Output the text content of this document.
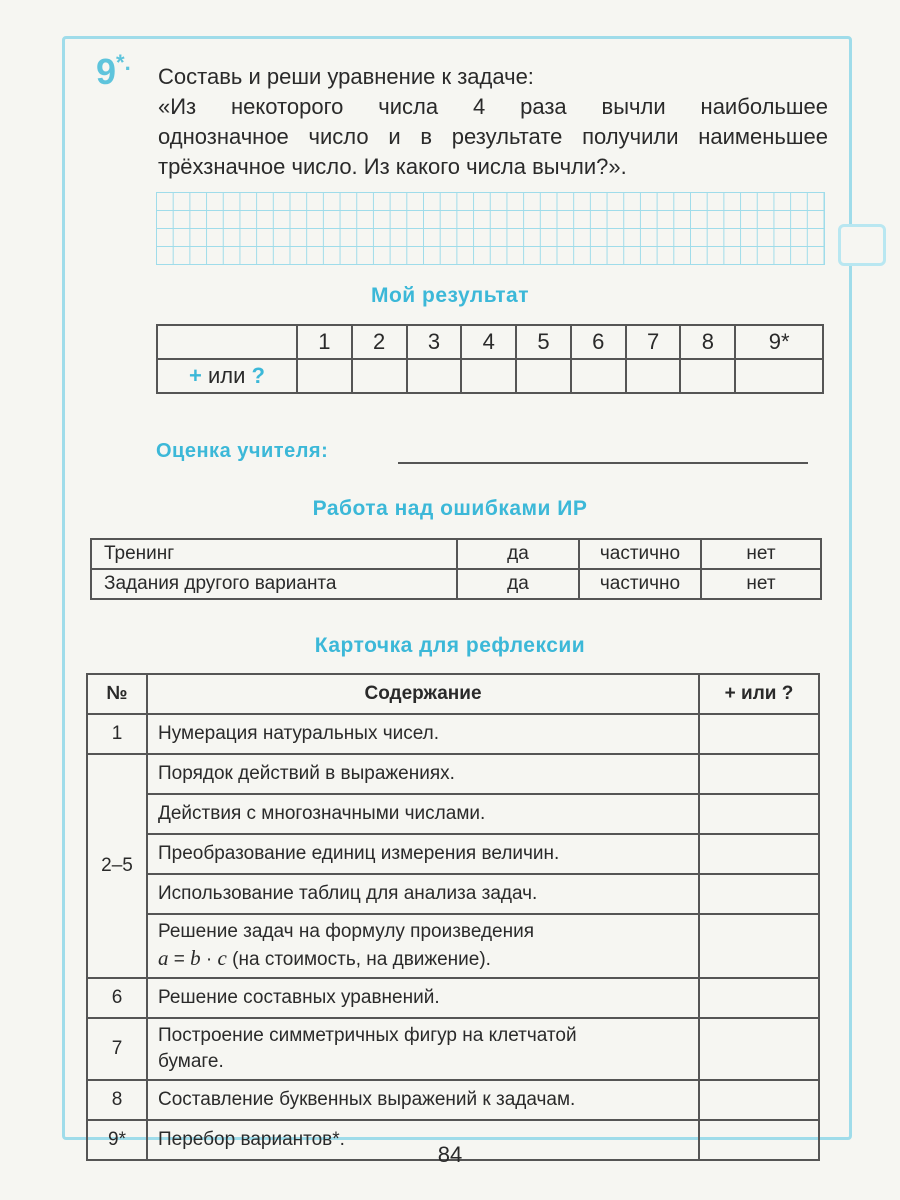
9*.
Составь и реши уравнение к задаче:
«Из некоторого числа 4 раза вычли наибольшее
однозначное число и в результате получили наименьшее
трёхзначное число. Из какого числа вычли?».
Мой результат
	1	2	3	4	5	6	7	8	9*
+ или ?									
Оценка учителя:
Работа над ошибками ИР
Тренинг	да	частично	нет
Задания другого варианта	да	частично	нет
Карточка для рефлексии
№	Содержание	+ или ?
1	Нумерация натуральных чисел.	
2–5	Порядок действий в выражениях.	
	Действия с многозначными числами.	
	Преобразование единиц измерения величин.	
	Использование таблиц для анализа задач.	

	Решение задач на формулу произведения
a = b · c (на стоимость, на движение).	

6	Решение составных уравнений.	
7	Построение симметричных фигур на клетчатой
бумаге.	

8	Составление буквенных выражений к задачам.	
9*	Перебор вариантов*.	
84
